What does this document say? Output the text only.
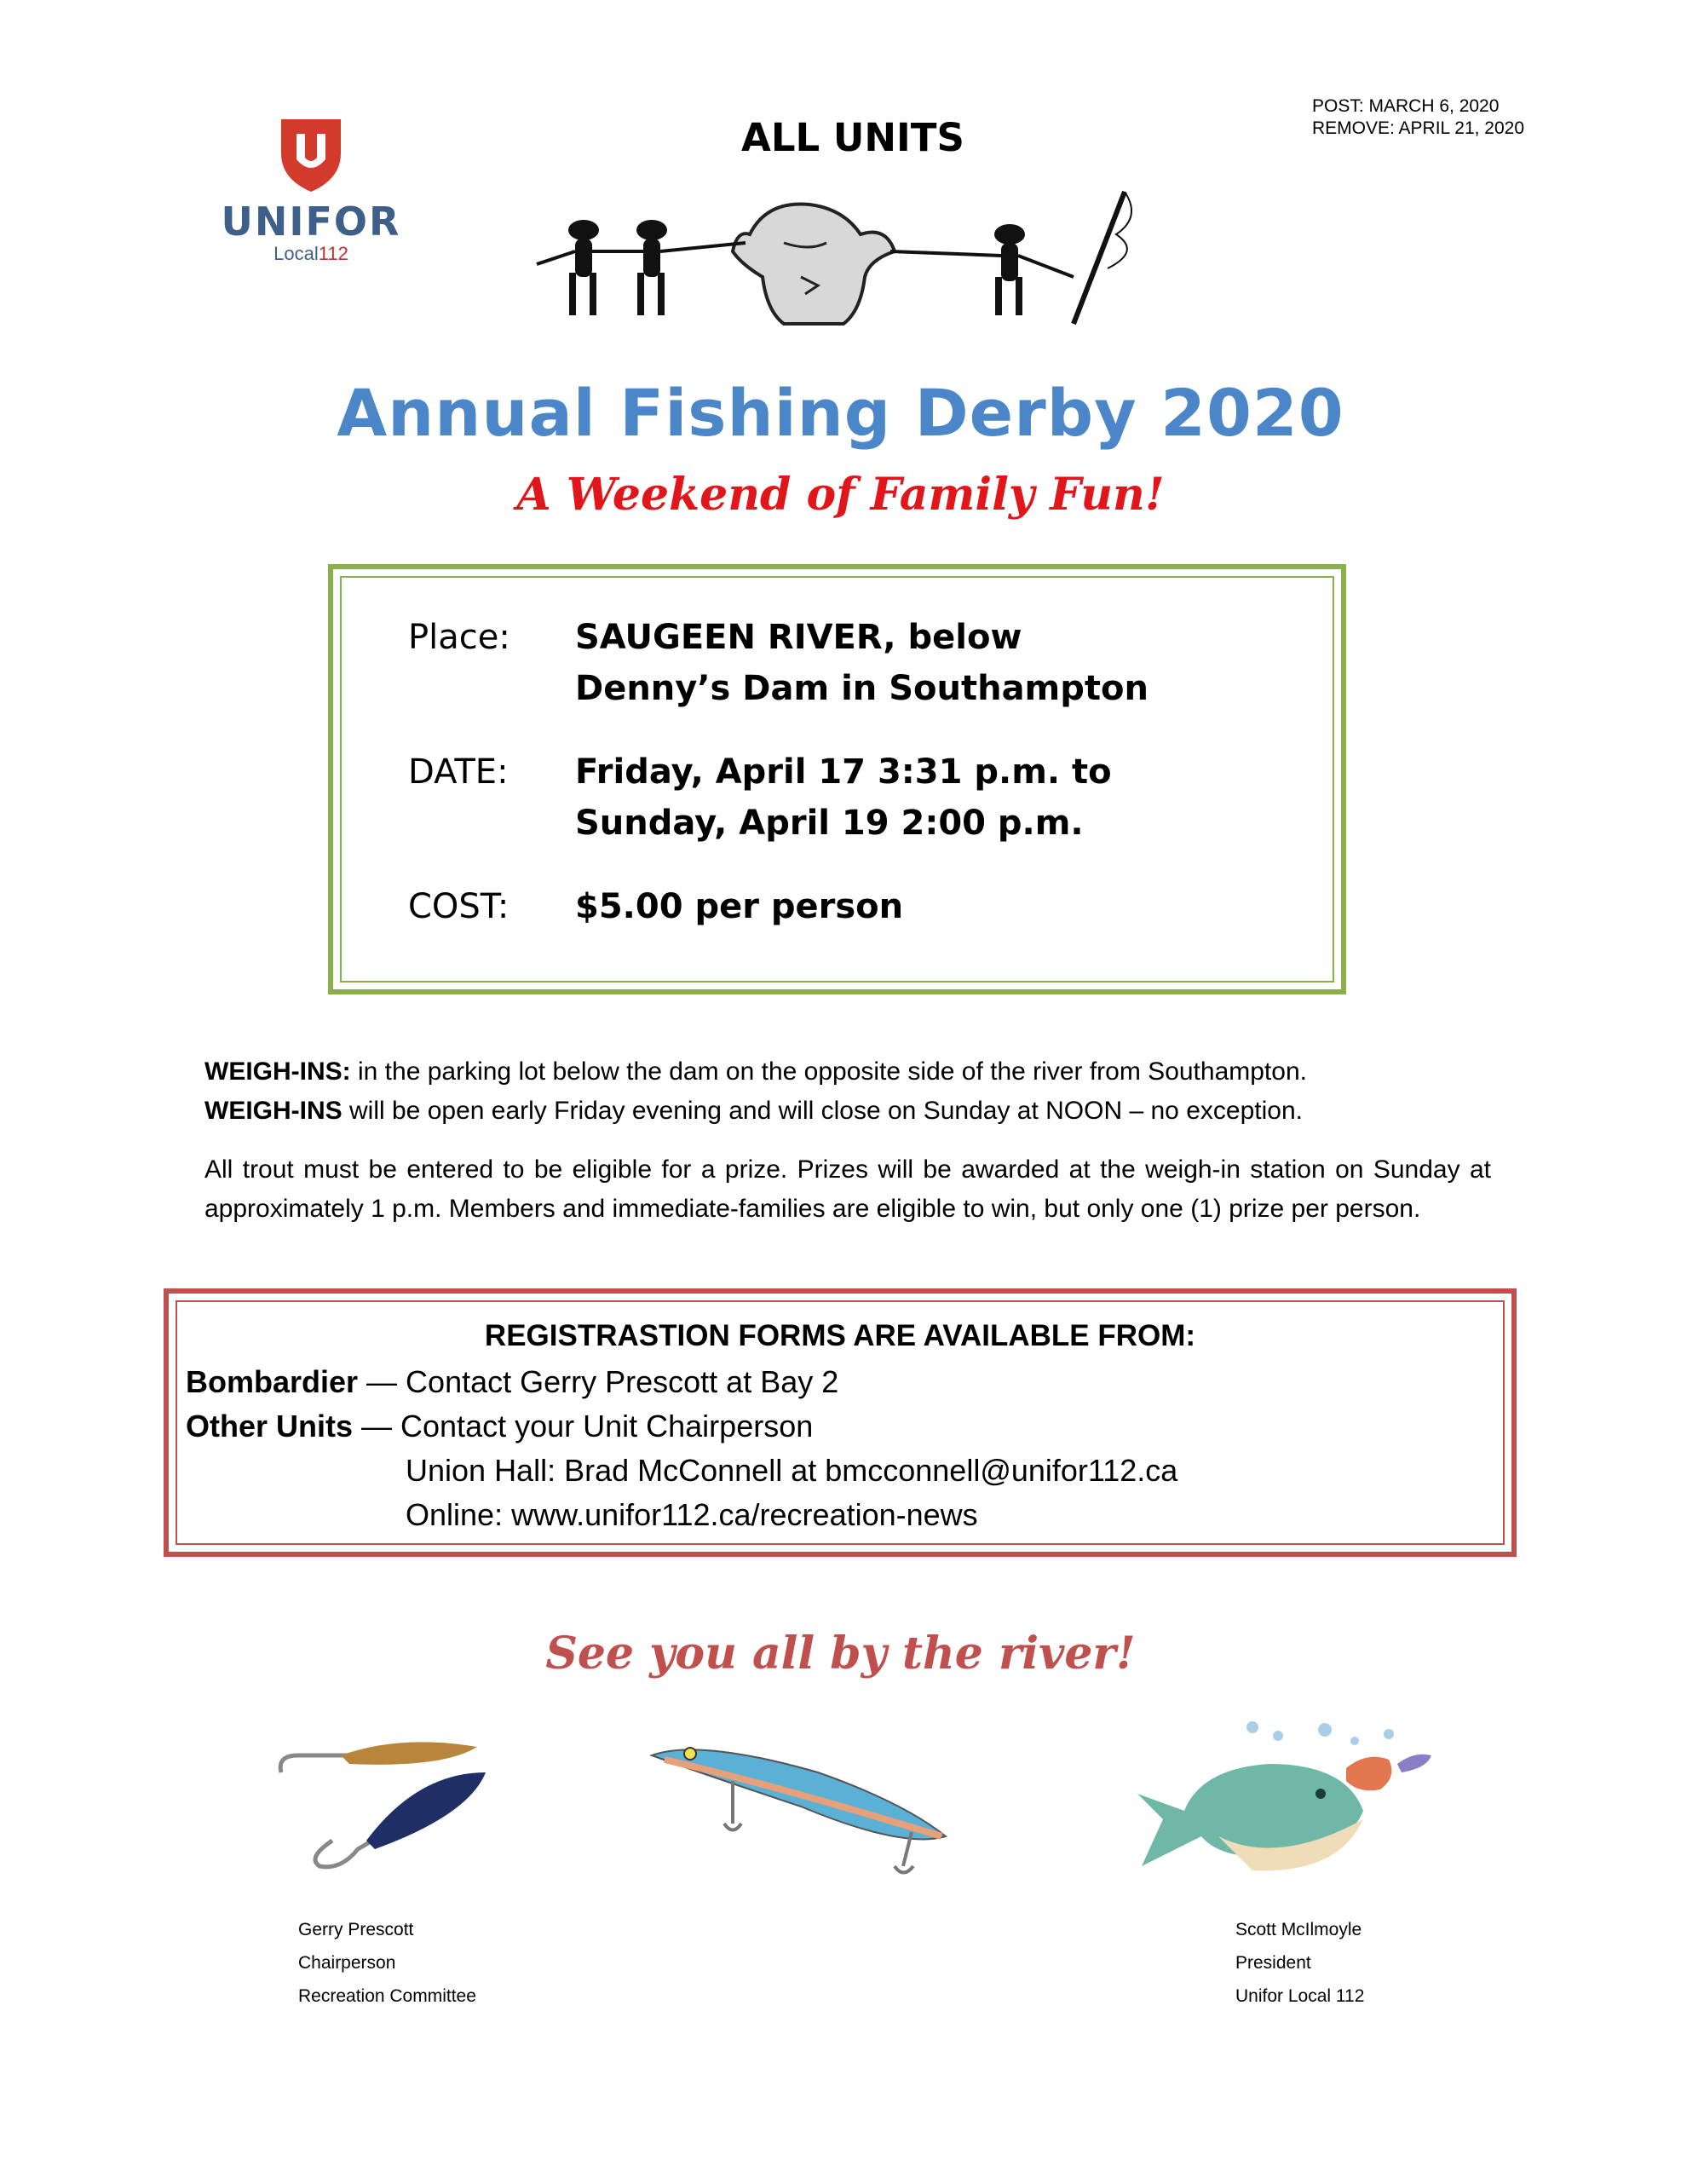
UNIFOR
Local112
POST: MARCH 6, 2020
REMOVE: APRIL 21, 2020
ALL UNITS
Annual Fishing Derby 2020
A Weekend of Family Fun!
Place: SAUGEEN RIVER, below
Denny’s Dam in Southampton
DATE: Friday, April 17 3:31 p.m. to
Sunday, April 19 2:00 p.m.
COST: $5.00 per person
WEIGH-INS: in the parking lot below the dam on the opposite side of the river from Southampton.
WEIGH-INS will be open early Friday evening and will close on Sunday at NOON – no exception.
All trout must be entered to be eligible for a prize. Prizes will be awarded at the weigh-in station on Sunday at approximately 1 p.m. Members and immediate-families are eligible to win, but only one (1) prize per person.
REGISTRASTION FORMS ARE AVAILABLE FROM:
Bombardier — Contact Gerry Prescott at Bay 2
Other Units — Contact your Unit Chairperson
Union Hall: Brad McConnell at bmcconnell@unifor112.ca
Online: www.unifor112.ca/recreation-news
See you all by the river!
Gerry Prescott
Chairperson
Recreation Committee
Scott McIlmoyle
President
Unifor Local 112
